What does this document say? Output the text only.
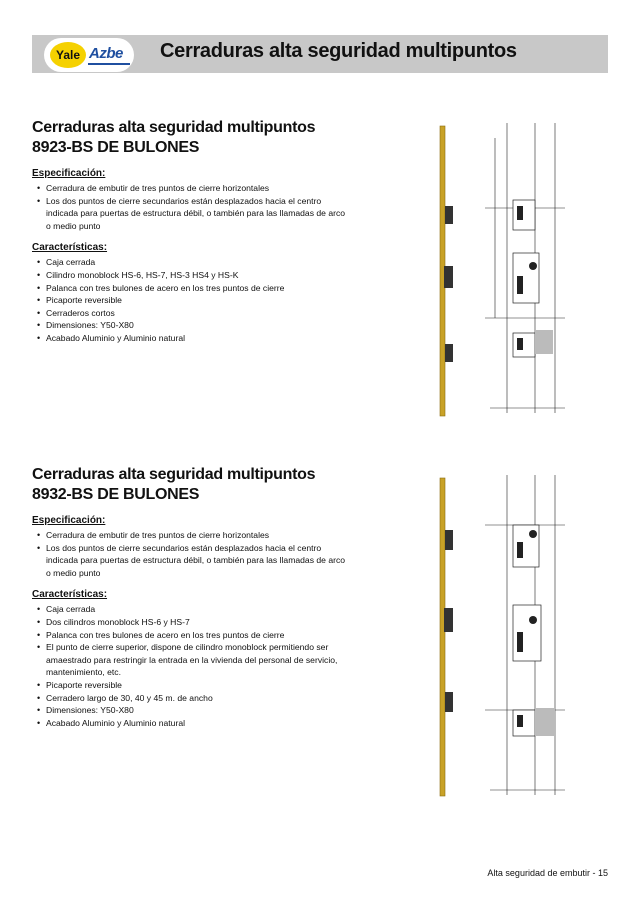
Yale Azbe Cerraduras alta seguridad multipuntos
Cerraduras alta seguridad multipuntos
8923-BS DE BULONES
Especificación:
• Cerradura de embutir de tres puntos de cierre horizontales
• Los dos puntos de cierre secundarios están desplazados hacia el centro
indicada para puertas de estructura débil, o también para las llamadas de arco
o medio punto
Características:
• Caja cerrada
• Cilindro monoblock HS-6, HS-7, HS-3 HS4 y HS-K
• Palanca con tres bulones de acero en los tres puntos de cierre
• Picaporte reversible
• Cerraderos cortos
• Dimensiones: Y50-X80
• Acabado Aluminio y Aluminio natural
Cerraduras alta seguridad multipuntos
8932-BS DE BULONES
Especificación:
• Cerradura de embutir de tres puntos de cierre horizontales
• Los dos puntos de cierre secundarios están desplazados hacia el centro
indicada para puertas de estructura débil, o también para las llamadas de arco
o medio punto
Características:
• Caja cerrada
• Dos cilindros monoblock HS-6 y HS-7
• Palanca con tres bulones de acero en los tres puntos de cierre
• El punto de cierre superior, dispone de cilindro monoblock permitiendo ser
amaestrado para restringir la entrada en la vivienda del personal de servicio,
mantenimiento, etc.
• Picaporte reversible
• Cerradero largo de 30, 40 y 45 m. de ancho
• Dimensiones: Y50-X80
• Acabado Aluminio y Aluminio natural
Alta seguridad de embutir - 15
